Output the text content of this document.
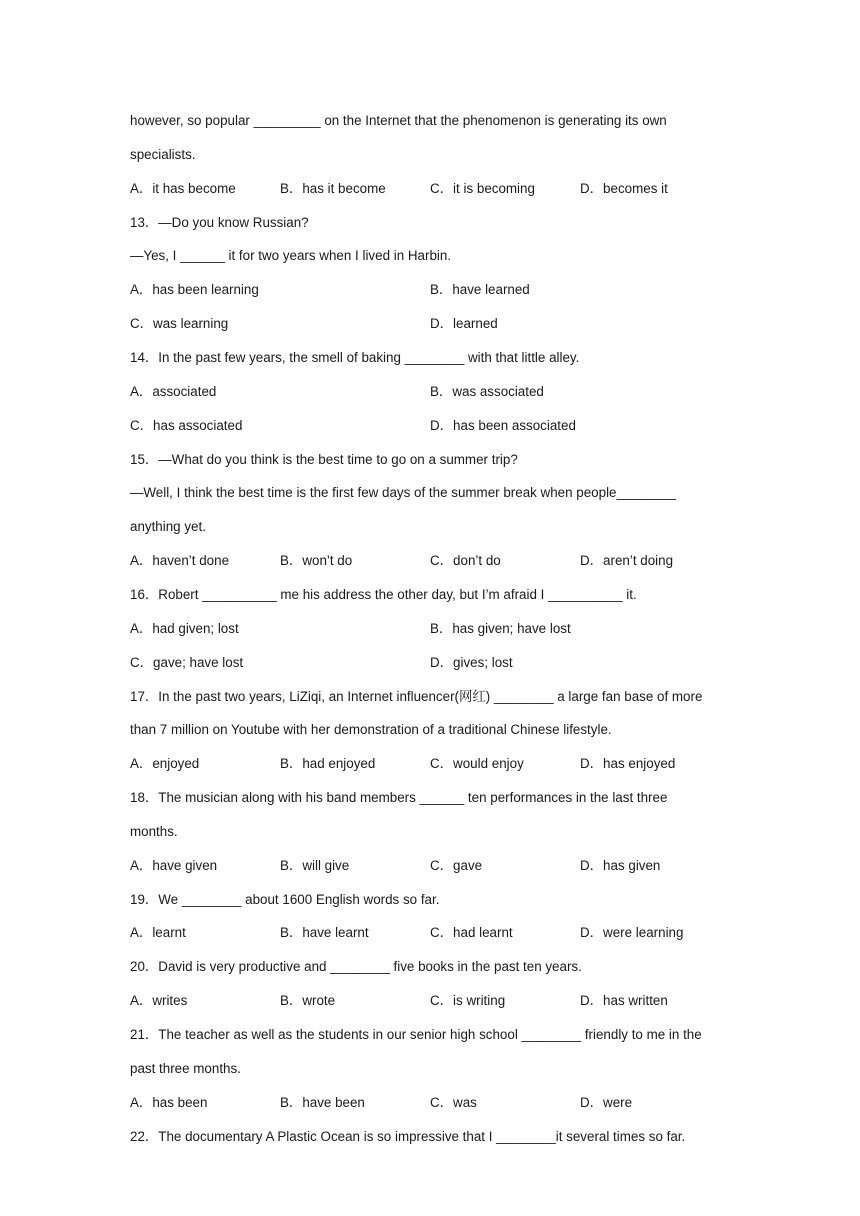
however, so popular _________ on the Internet that the phenomenon is generating its own
specialists.
A．it has become	B．has it become	C．it is becoming	D．becomes it
13．—Do you know Russian?
—Yes, I ______ it for two years when I lived in Harbin.
A．has been learning	B．have learned
C．was learning	D．learned
14．In the past few years, the smell of baking ________ with that little alley.
A．associated	B．was associated
C．has associated	D．has been associated
15．—What do you think is the best time to go on a summer trip?
—Well, I think the best time is the first few days of the summer break when people________
anything yet.
A．haven’t done	B．won’t do	C．don’t do	D．aren’t doing
16．Robert __________ me his address the other day, but I’m afraid I __________ it.
A．had given; lost	B．has given; have lost
C．gave; have lost	D．gives; lost
17．In the past two years, LiZiqi, an Internet influencer(网红) ________ a large fan base of more
than 7 million on Youtube with her demonstration of a traditional Chinese lifestyle.
A．enjoyed	B．had enjoyed	C．would enjoy	D．has enjoyed
18．The musician along with his band members ______ ten performances in the last three
months.
A．have given	B．will give	C．gave	D．has given
19．We ________ about 1600 English words so far.
A．learnt	B．have learnt	C．had learnt	D．were learning
20．David is very productive and ________ five books in the past ten years.
A．writes	B．wrote	C．is writing	D．has written
21．The teacher as well as the students in our senior high school ________ friendly to me in the
past three months.
A．has been	B．have been	C．was	D．were
22．The documentary A Plastic Ocean is so impressive that I ________it several times so far.
